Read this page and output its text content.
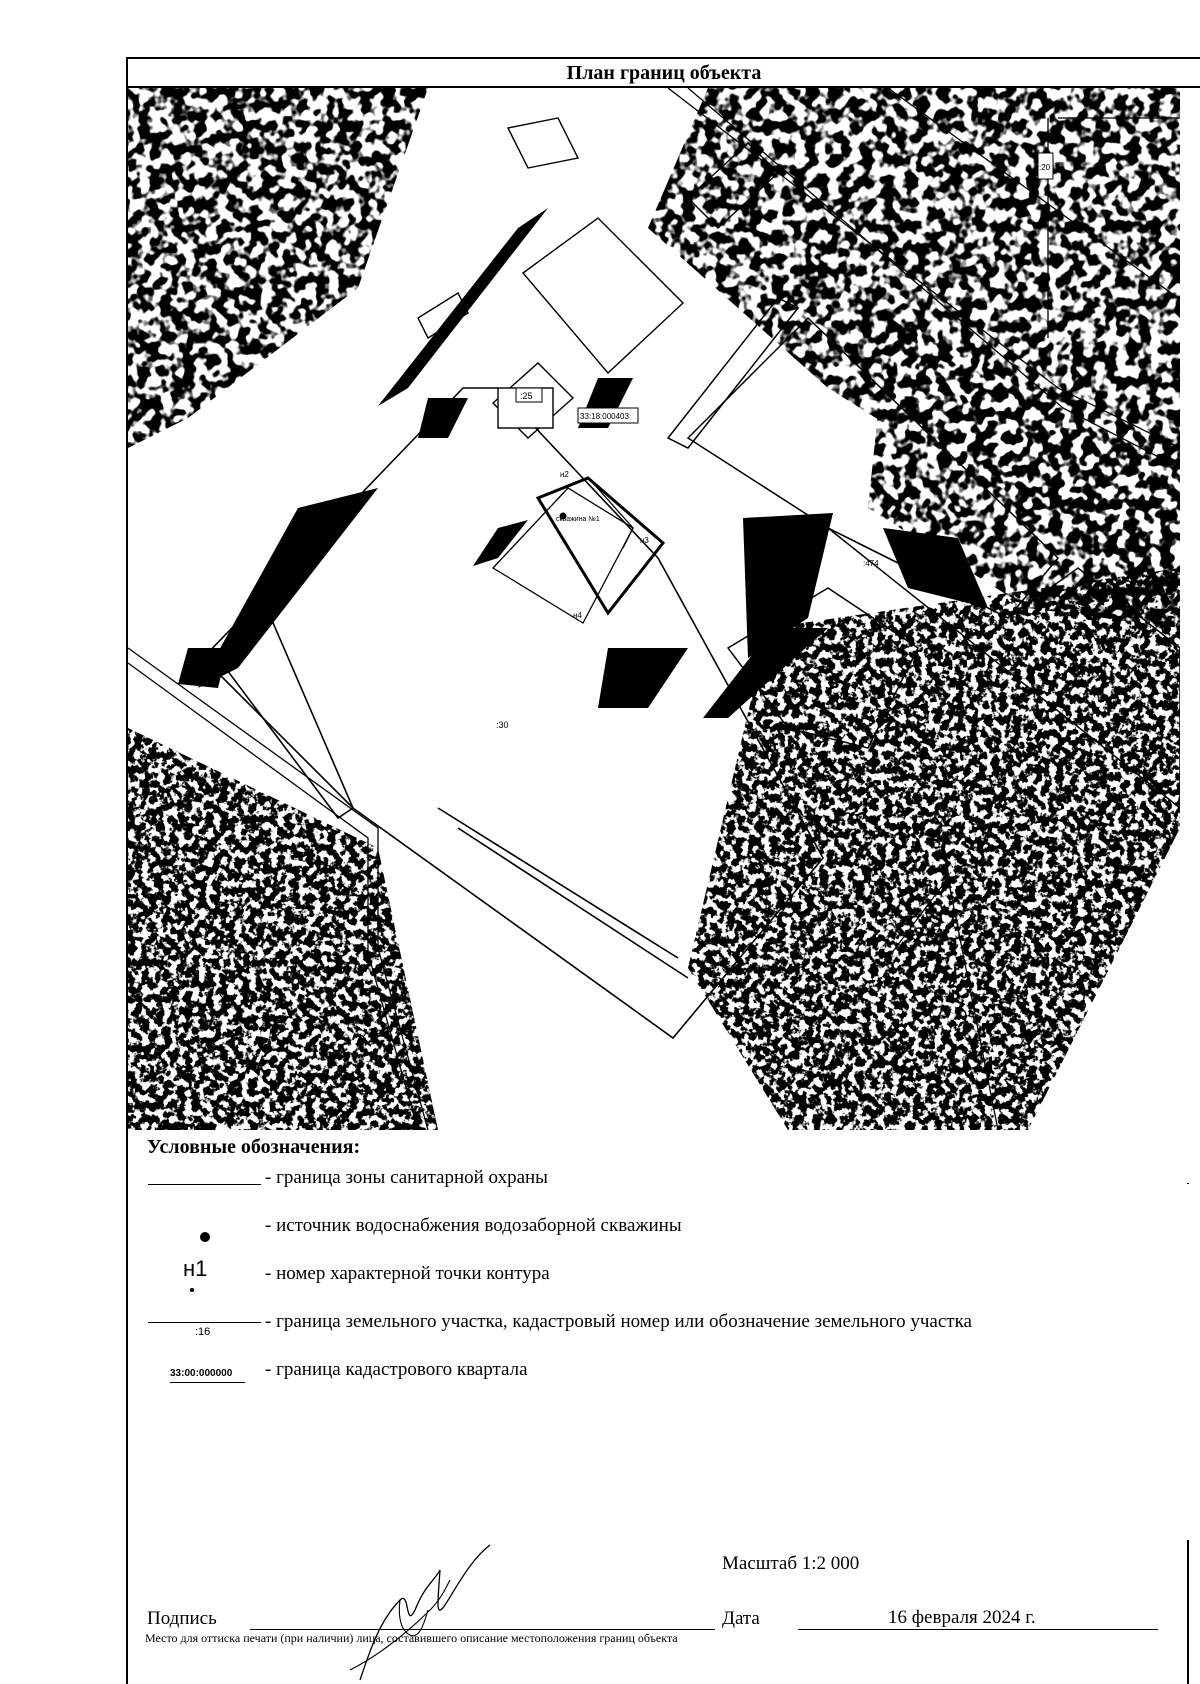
План границ объекта
33:18:000403
:25
:20
скважина №1
н2
н3
н4
:30
:474
Условные обозначения:
- граница зоны санитарной охраны
- источник водоснабжения водозаборной скважины
н1	- номер характерной точки контура
:16	- граница земельного участка, кадастровый номер или обозначение земельного участка
33:00:000000 - граница кадастрового квартала
Масштаб 1:2 000
Подпись	Дата	16 февраля 2024 г.
Место для оттиска печати (при наличии) лица, составившего описание местоположения границ объекта
